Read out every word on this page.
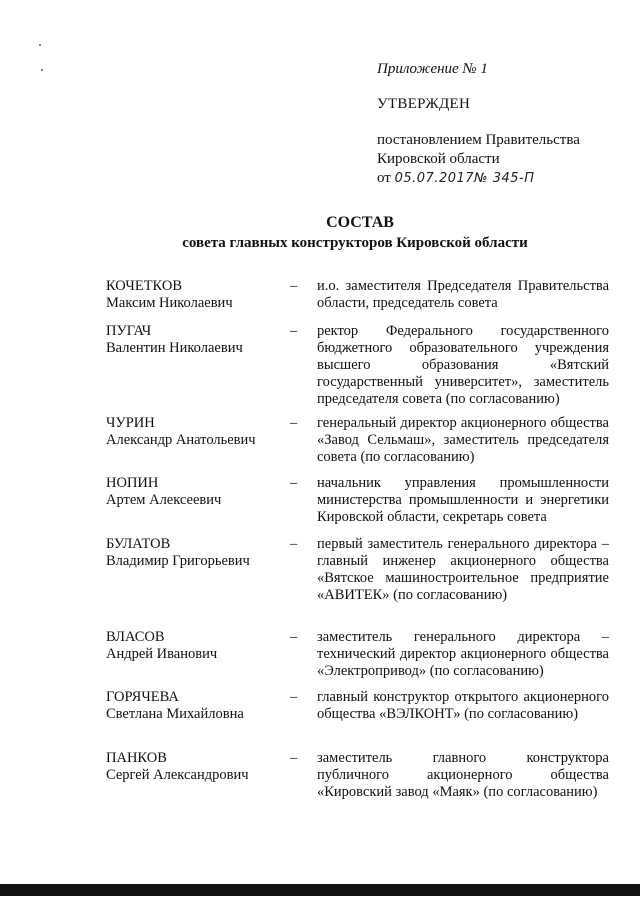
Приложение № 1
УТВЕРЖДЕН
постановлением Правительства
Кировской области
от 05.07.2017№ 345-П
СОСТАВ
совета главных конструкторов Кировской области
КОЧЕТКОВ
Максим Николаевич
– и.о. заместителя Председателя Правительства области, председатель совета
ПУГАЧ
Валентин Николаевич
– ректор Федерального государственного бюджетного образовательного учреждения высшего образования «Вятский государственный университет», заместитель председателя совета (по согласованию)
ЧУРИН
Александр Анатольевич
– генеральный директор акционерного общества «Завод Сельмаш», заместитель председателя совета (по согласованию)
НОПИН
Артем Алексеевич
– начальник управления промышленности министерства промышленности и энергетики Кировской области, секретарь совета
БУЛАТОВ
Владимир Григорьевич
– первый заместитель генерального директора – главный инженер акционерного общества «Вятское машиностроительное предприятие «АВИТЕК» (по согласованию)
ВЛАСОВ
Андрей Иванович
– заместитель генерального директора – технический директор акционерного общества «Электропривод» (по согласованию)
ГОРЯЧЕВА
Светлана Михайловна
– главный конструктор открытого акционерного общества «ВЭЛКОНТ» (по согласованию)
ПАНКОВ
Сергей Александрович
– заместитель главного конструктора публичного акционерного общества «Кировский завод «Маяк» (по согласованию)
